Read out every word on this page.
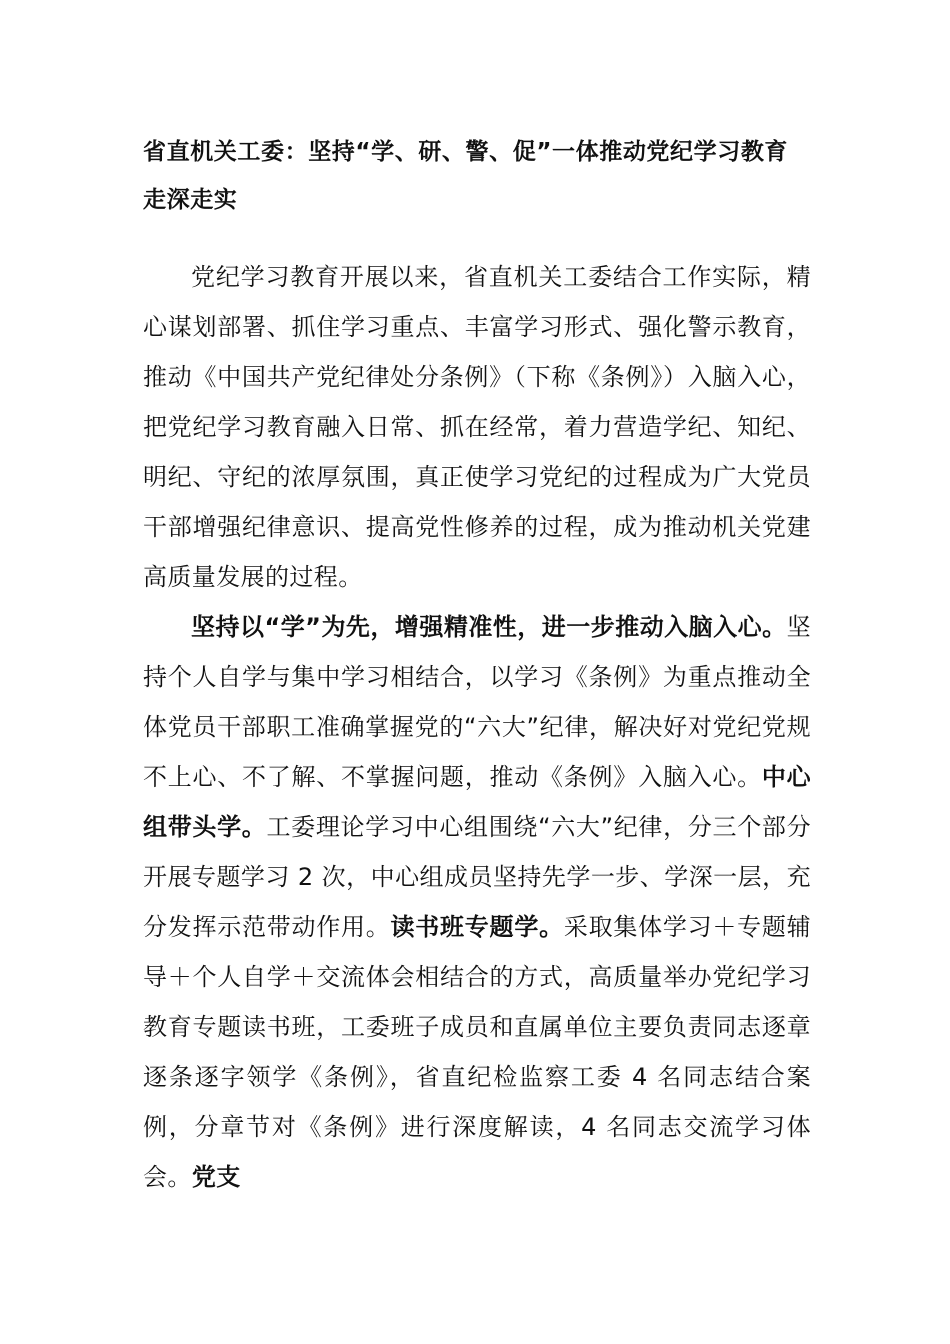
省直机关工委：坚持“学、研、警、促”一体推动党纪学习教育走深走实

党纪学习教育开展以来，省直机关工委结合工作实际，精心谋划部署、抓住学习重点、丰富学习形式、强化警示教育，推动《中国共产党纪律处分条例》（下称《条例》）入脑入心，把党纪学习教育融入日常、抓在经常，着力营造学纪、知纪、明纪、守纪的浓厚氛围，真正使学习党纪的过程成为广大党员干部增强纪律意识、提高党性修养的过程，成为推动机关党建高质量发展的过程。

坚持以“学”为先，增强精准性，进一步推动入脑入心。坚持个人自学与集中学习相结合，以学习《条例》为重点推动全体党员干部职工准确掌握党的“六大”纪律，解决好对党纪党规不上心、不了解、不掌握问题，推动《条例》入脑入心。中心组带头学。工委理论学习中心组围绕“六大”纪律，分三个部分开展专题学习 2 次，中心组成员坚持先学一步、学深一层，充分发挥示范带动作用。读书班专题学。采取集体学习＋专题辅导＋个人自学＋交流体会相结合的方式，高质量举办党纪学习教育专题读书班，工委班子成员和直属单位主要负责同志逐章逐条逐字领学《条例》，省直纪检监察工委 4 名同志结合案例，分章节对《条例》进行深度解读，4 名同志交流学习体会。党支
